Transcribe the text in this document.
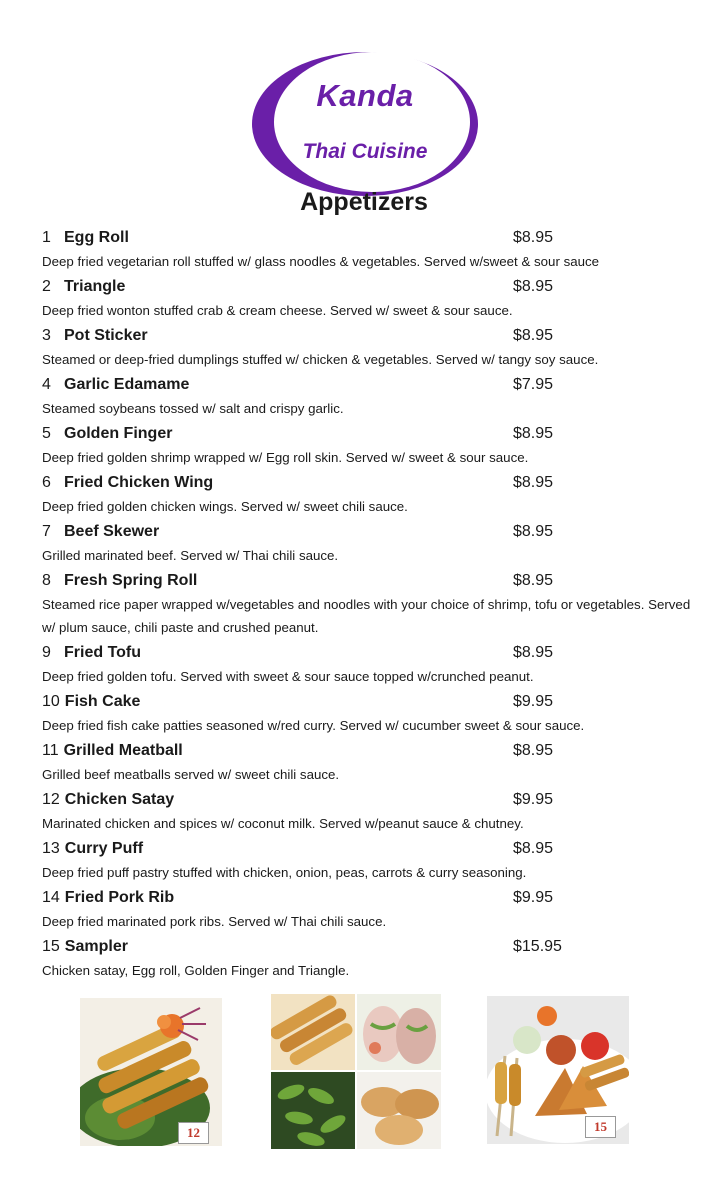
Kanda
Thai Cuisine
Appetizers
1 Egg Roll	$8.95
Deep fried vegetarian roll stuffed w/ glass noodles & vegetables. Served w/sweet & sour sauce
2 Triangle	$8.95
Deep fried wonton stuffed crab & cream cheese. Served w/ sweet & sour sauce.
3 Pot Sticker	$8.95
Steamed or deep-fried dumplings stuffed w/ chicken & vegetables. Served w/ tangy soy sauce.
4 Garlic Edamame	$7.95
Steamed soybeans tossed w/ salt and crispy garlic.
5 Golden Finger	$8.95
Deep fried golden shrimp wrapped w/ Egg roll skin. Served w/ sweet & sour sauce.
6 Fried Chicken Wing	$8.95
Deep fried golden chicken wings. Served w/ sweet chili sauce.
7 Beef Skewer	$8.95
Grilled marinated beef. Served w/ Thai chili sauce.
8 Fresh Spring Roll	$8.95
Steamed rice paper wrapped w/vegetables and noodles with your choice of shrimp, tofu or vegetables. Served w/ plum sauce, chili paste and crushed peanut.
9 Fried Tofu	$8.95
Deep fried golden tofu. Served with sweet & sour sauce topped w/crunched peanut.
10 Fish Cake	$9.95
Deep fried fish cake patties seasoned w/red curry. Served w/ cucumber sweet & sour sauce.
11 Grilled Meatball	$8.95
Grilled beef meatballs served w/ sweet chili sauce.
12 Chicken Satay	$9.95
Marinated chicken and spices w/ coconut milk. Served w/peanut sauce & chutney.
13 Curry Puff	$8.95
Deep fried puff pastry stuffed with chicken, onion, peas, carrots & curry seasoning.
14 Fried Pork Rib	$9.95
Deep fried marinated pork ribs. Served w/ Thai chili sauce.
15 Sampler	$15.95
Chicken satay, Egg roll, Golden Finger and Triangle.
12	15
